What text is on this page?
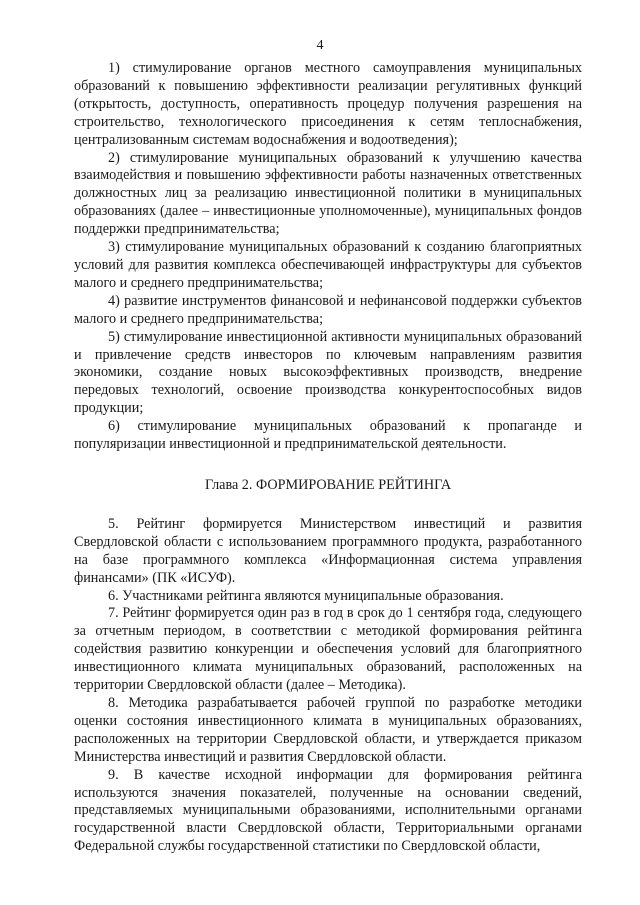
4

1) стимулирование органов местного самоуправления муниципальных образований к повышению эффективности реализации регулятивных функций (открытость, доступность, оперативность процедур получения разрешения на строительство, технологического присоединения к сетям теплоснабжения, централизованным системам водоснабжения и водоотведения);

2) стимулирование муниципальных образований к улучшению качества взаимодействия и повышению эффективности работы назначенных ответственных должностных лиц за реализацию инвестиционной политики в муниципальных образованиях (далее – инвестиционные уполномоченные), муниципальных фондов поддержки предпринимательства;

3) стимулирование муниципальных образований к созданию благоприятных условий для развития комплекса обеспечивающей инфраструктуры для субъектов малого и среднего предпринимательства;

4) развитие инструментов финансовой и нефинансовой поддержки субъектов малого и среднего предпринимательства;

5) стимулирование инвестиционной активности муниципальных образований и привлечение средств инвесторов по ключевым направлениям развития экономики, создание новых высокоэффективных производств, внедрение передовых технологий, освоение производства конкурентоспособных видов продукции;

6) стимулирование муниципальных образований к пропаганде и популяризации инвестиционной и предпринимательской деятельности.

Глава 2. ФОРМИРОВАНИЕ РЕЙТИНГА

5. Рейтинг формируется Министерством инвестиций и развития Свердловской области с использованием программного продукта, разработанного на базе программного комплекса «Информационная система управления финансами» (ПК «ИСУФ).

6. Участниками рейтинга являются муниципальные образования.

7. Рейтинг формируется один раз в год в срок до 1 сентября года, следующего за отчетным периодом, в соответствии с методикой формирования рейтинга содействия развитию конкуренции и обеспечения условий для благоприятного инвестиционного климата муниципальных образований, расположенных на территории Свердловской области (далее – Методика).

8. Методика разрабатывается рабочей группой по разработке методики оценки состояния инвестиционного климата в муниципальных образованиях, расположенных на территории Свердловской области, и утверждается приказом Министерства инвестиций и развития Свердловской области.

9. В качестве исходной информации для формирования рейтинга используются значения показателей, полученные на основании сведений, представляемых муниципальными образованиями, исполнительными органами государственной власти Свердловской области, Территориальными органами Федеральной службы государственной статистики по Свердловской области,
